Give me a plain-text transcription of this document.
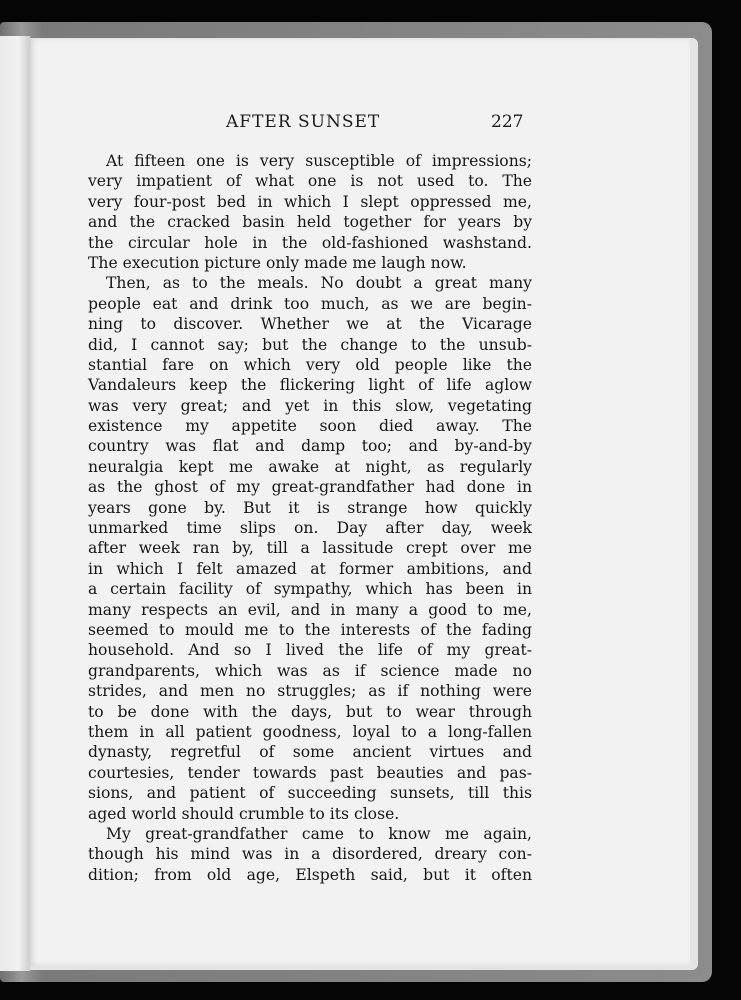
AFTER SUNSET	227
At fifteen one is very susceptible of impressions;
very impatient of what one is not used to. The
very four-post bed in which I slept oppressed me,
and the cracked basin held together for years by
the circular hole in the old-fashioned washstand.
The execution picture only made me laugh now.
Then, as to the meals. No doubt a great many
people eat and drink too much, as we are begin-
ning to discover. Whether we at the Vicarage
did, I cannot say; but the change to the unsub-
stantial fare on which very old people like the
Vandaleurs keep the flickering light of life aglow
was very great; and yet in this slow, vegetating
existence my appetite soon died away. The
country was flat and damp too; and by-and-by
neuralgia kept me awake at night, as regularly
as the ghost of my great-grandfather had done in
years gone by. But it is strange how quickly
unmarked time slips on. Day after day, week
after week ran by, till a lassitude crept over me
in which I felt amazed at former ambitions, and
a certain facility of sympathy, which has been in
many respects an evil, and in many a good to me,
seemed to mould me to the interests of the fading
household. And so I lived the life of my great-
grandparents, which was as if science made no
strides, and men no struggles; as if nothing were
to be done with the days, but to wear through
them in all patient goodness, loyal to a long-fallen
dynasty, regretful of some ancient virtues and
courtesies, tender towards past beauties and pas-
sions, and patient of succeeding sunsets, till this
aged world should crumble to its close.
My great-grandfather came to know me again,
though his mind was in a disordered, dreary con-
dition; from old age, Elspeth said, but it often
